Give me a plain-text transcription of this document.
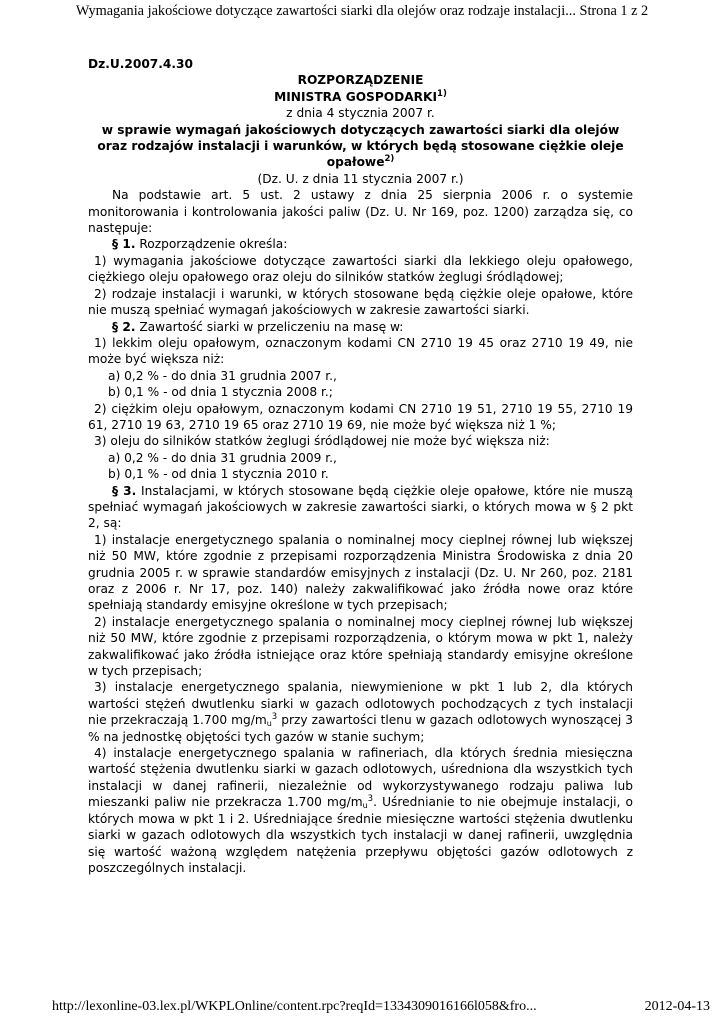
Wymagania jakościowe dotyczące zawartości siarki dla olejów oraz rodzaje instalacji... Strona 1 z 2

Dz.U.2007.4.30

ROZPORZĄDZENIE

MINISTRA GOSPODARKI$^{1)}$

z dnia 4 stycznia 2007 r.

w sprawie wymagań jakościowych dotyczących zawartości siarki dla olejów oraz rodzajów instalacji i warunków, w których będą stosowane ciężkie oleje opałowe$^{2)}$

(Dz. U. z dnia 11 stycznia 2007 r.)

Na podstawie art. 5 ust. 2 ustawy z dnia 25 sierpnia 2006 r. o systemie monitorowania i kontrolowania jakości paliw (Dz. U. Nr 169, poz. 1200) zarządza się, co następuje:

§ 1. Rozporządzenie określa:

1) wymagania jakościowe dotyczące zawartości siarki dla lekkiego oleju opałowego, ciężkiego oleju opałowego oraz oleju do silników statków żeglugi śródlądowej;

2) rodzaje instalacji i warunki, w których stosowane będą ciężkie oleje opałowe, które nie muszą spełniać wymagań jakościowych w zakresie zawartości siarki.

§ 2. Zawartość siarki w przeliczeniu na masę w:

1) lekkim oleju opałowym, oznaczonym kodami CN 2710 19 45 oraz 2710 19 49, nie może być większa niż:

a) 0,2 % - do dnia 31 grudnia 2007 r.,

b) 0,1 % - od dnia 1 stycznia 2008 r.;

2) ciężkim oleju opałowym, oznaczonym kodami CN 2710 19 51, 2710 19 55, 2710 19 61, 2710 19 63, 2710 19 65 oraz 2710 19 69, nie może być większa niż 1 %;

3) oleju do silników statków żeglugi śródlądowej nie może być większa niż:

a) 0,2 % - do dnia 31 grudnia 2009 r.,

b) 0,1 % - od dnia 1 stycznia 2010 r.

§ 3. Instalacjami, w których stosowane będą ciężkie oleje opałowe, które nie muszą spełniać wymagań jakościowych w zakresie zawartości siarki, o których mowa w § 2 pkt 2, są:

1) instalacje energetycznego spalania o nominalnej mocy cieplnej równej lub większej niż 50 MW, które zgodnie z przepisami rozporządzenia Ministra Środowiska z dnia 20 grudnia 2005 r. w sprawie standardów emisyjnych z instalacji (Dz. U. Nr 260, poz. 2181 oraz z 2006 r. Nr 17, poz. 140) należy zakwalifikować jako źródła nowe oraz które spełniają standardy emisyjne określone w tych przepisach;

2) instalacje energetycznego spalania o nominalnej mocy cieplnej równej lub większej niż 50 MW, które zgodnie z przepisami rozporządzenia, o którym mowa w pkt 1, należy zakwalifikować jako źródła istniejące oraz które spełniają standardy emisyjne określone w tych przepisach;

3) instalacje energetycznego spalania, niewymienione w pkt 1 lub 2, dla których wartości stężeń dwutlenku siarki w gazach odlotowych pochodzących z tych instalacji nie przekraczają 1.700 $mg/m_u^3$ przy zawartości tlenu w gazach odlotowych wynoszącej 3 % na jednostkę objętości tych gazów w stanie suchym;

4) instalacje energetycznego spalania w rafineriach, dla których średnia miesięczna wartość stężenia dwutlenku siarki w gazach odlotowych, uśredniona dla wszystkich tych instalacji w danej rafinerii, niezależnie od wykorzystywanego rodzaju paliwa lub mieszanki paliw nie przekracza 1.700 $mg/m_u^3$. Uśrednianie to nie obejmuje instalacji, o których mowa w pkt 1 i 2. Uśredniające średnie miesięczne wartości stężenia dwutlenku siarki w gazach odlotowych dla wszystkich tych instalacji w danej rafinerii, uwzględnia się wartość ważoną względem natężenia przepływu objętości gazów odlotowych z poszczególnych instalacji.

http://lexonline-03.lex.pl/WKPLOnline/content.rpc?reqId=1334309016166l058&fro...	2012-04-13
